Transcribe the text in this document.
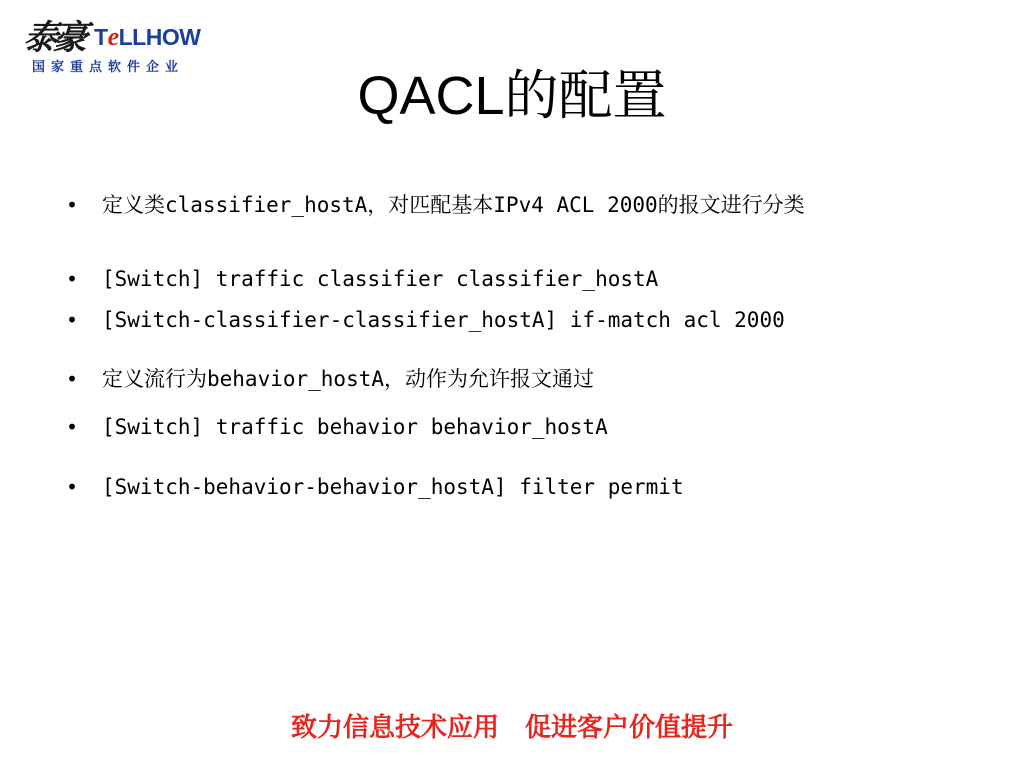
泰豪 TeLLHOW
国家重点软件企业	QACL的配置
• 定义类classifier_hostA，对匹配基本IPv4 ACL 2000的报文进行分类
• [Switch] traffic classifier classifier_hostA
• [Switch-classifier-classifier_hostA] if-match acl 2000
• 定义流行为behavior_hostA，动作为允许报文通过
• [Switch] traffic behavior behavior_hostA
• [Switch-behavior-behavior_hostA] filter permit
致力信息技术应用　促进客户价值提升
